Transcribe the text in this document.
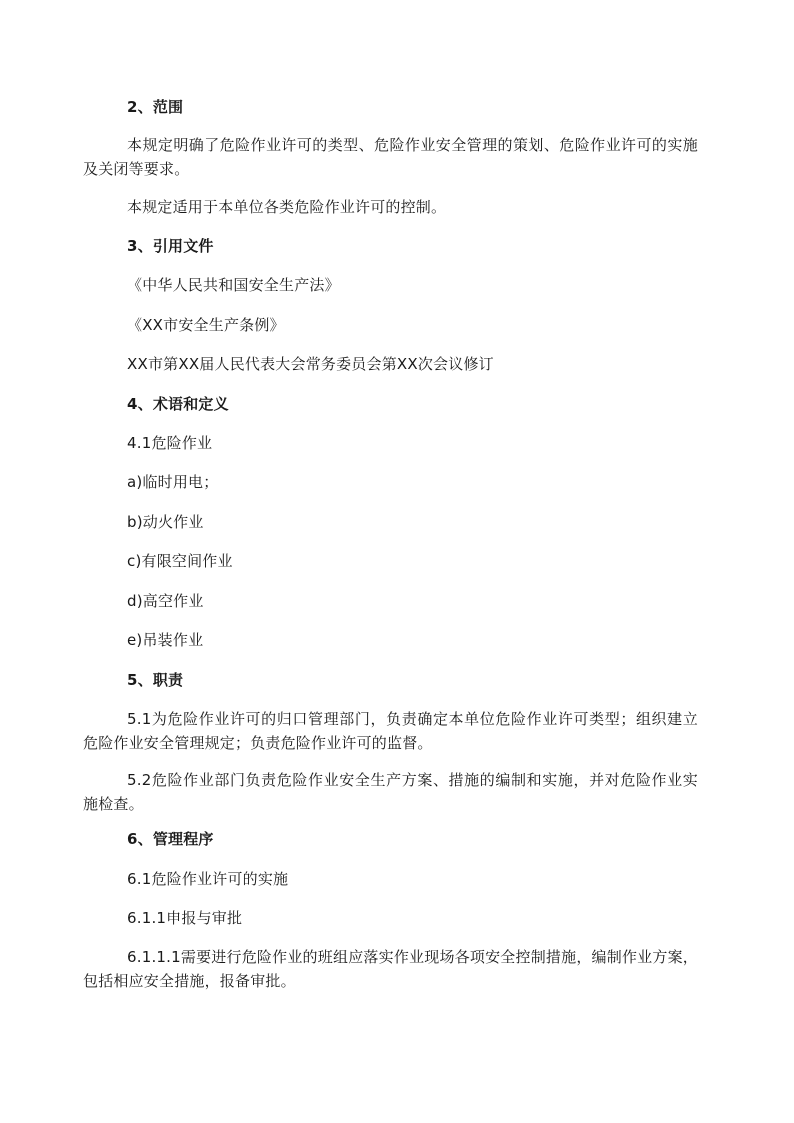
2、范围
本规定明确了危险作业许可的类型、危险作业安全管理的策划、危险作业许可的实施及关闭等要求。
本规定适用于本单位各类危险作业许可的控制。
3、引用文件
《中华人民共和国安全生产法》
《XX市安全生产条例》
XX市第XX届人民代表大会常务委员会第XX次会议修订
4、术语和定义
4.1危险作业
a)临时用电；
b)动火作业
c)有限空间作业
d)高空作业
e)吊装作业
5、职责
5.1为危险作业许可的归口管理部门，负责确定本单位危险作业许可类型；组织建立危险作业安全管理规定；负责危险作业许可的监督。
5.2危险作业部门负责危险作业安全生产方案、措施的编制和实施，并对危险作业实施检查。
6、管理程序
6.1危险作业许可的实施
6.1.1申报与审批
6.1.1.1需要进行危险作业的班组应落实作业现场各项安全控制措施，编制作业方案，包括相应安全措施，报备审批。
